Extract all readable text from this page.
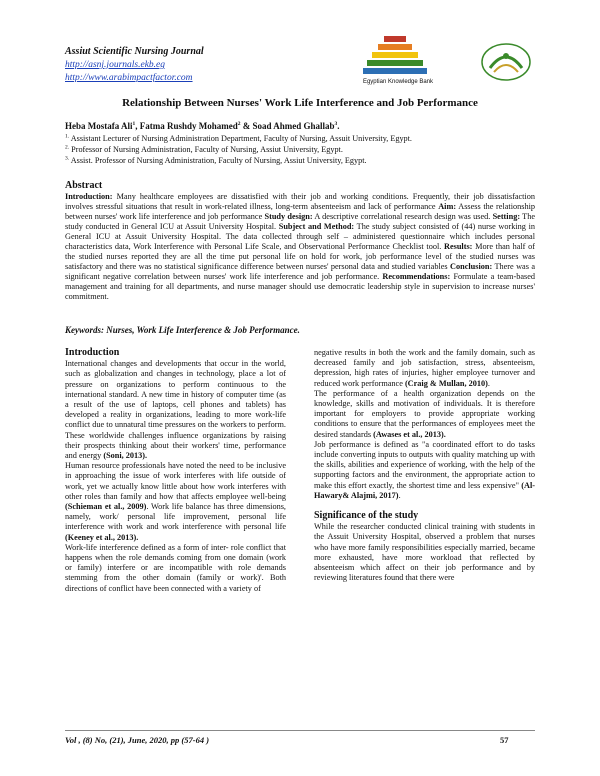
Assiut Scientific Nursing Journal
http://asnj.journals.ekb.eg
http://www.arabimpactfactor.com	Egyptian Knowledge Bank
Relationship Between Nurses' Work Life Interference and Job Performance
Heba Mostafa Ali$^1$, Fatma Rushdy Mohamed$^2$ & Soad Ahmed Ghallab$^3$.
$^{1.}$ Assistant Lecturer of Nursing Administration Department, Faculty of Nursing, Assuit University, Egypt.
$^{2.}$ Professor of Nursing Administration, Faculty of Nursing, Assiut University, Egypt.
$^{3.}$ Assist. Professor of Nursing Administration, Faculty of Nursing, Assiut University, Egypt.
Abstract
Introduction: Many healthcare employees are dissatisfied with their job and working conditions. Frequently, their job dissatisfaction involves stressful situations that result in work-related illness, long-term absenteeism and lack of performance Aim: Assess the relationship between nurses' work life interference and job performance Study design: A descriptive correlational research design was used. Setting: The study conducted in General ICU at Assuit University Hospital. Subject and Method: The study subject consisted of (44) nurse working in General ICU at Assuit University Hospital. The data collected through self – administered questionnaire which includes personal characteristics data, Work Interference with Personal Life Scale, and Observational Performance Checklist tool. Results: More than half of the studied nurses reported they are all the time put personal life on hold for work, job performance level of the studied nurses was satisfactory and there was no statistical significance difference between nurses' personal data and studied variables Conclusion: There was a significant negative correlation between nurses' work life interference and job performance. Recommendations: Formulate a team-based management and training for all departments, and nurse manager should use democratic leadership style in supervision to increase nurses' commitment.
Keywords: Nurses, Work Life Interference & Job Performance.
Introduction

International changes and developments that occur in the world, such as globalization and changes in technology, place a lot of pressure on organizations to perform continuous to the international standard. A new time in history of computer time (as a result of the use of laptops, cell phones and tablets) has developed a reality in organizations, leading to more work-life conflict due to unnatural time pressures on the workers to perform. These worldwide challenges influence organizations by raising their prospects thinking about their workers' time, performance and energy (Soni, 2013).

Human resource professionals have noted the need to be inclusive in approaching the issue of work interferes with life outside of work, yet we actually know little about how work interferes with other roles than family and how that affects employee well-being (Schieman et al., 2009). Work life balance has three dimensions, namely, work/ personal life improvement, personal life interference with work and work interference with personal life (Keeney et al., 2013).

Work-life interference defined as a form of inter- role conflict that happens when the role demands coming from one domain (work or family) interfere or are incompatible with role demands stemming from the other domain (family or work)'. Both directions of conflict have been connected with a variety of

negative results in both the work and the family domain, such as decreased family and job satisfaction, stress, absenteeism, depression, high rates of injuries, higher employee turnover and reduced work performance (Craig & Mullan, 2010).

The performance of a health organization depends on the knowledge, skills and motivation of individuals. It is therefore important for employers to provide appropriate working conditions to ensure that the performances of employees meet the desired standards (Awases et al., 2013).

Job performance is defined as "a coordinated effort to do tasks include converting inputs to outputs with quality matching up with the skills, abilities and experience of working, with the help of the supporting factors and the environment, the appropriate action to make this effort exactly, the shortest time and less expensive" (Al-Hawary& Alajmi, 2017).

Significance of the study

While the researcher conducted clinical training with students in the Assuit University Hospital, observed a problem that nurses who have more family responsibilities especially married, became more exhausted, have more workload that reflected by absenteeism which affect on their job performance and by reviewing literatures found that there were

Vol , (8) No, (21), June, 2020, pp (57-64 )	57
